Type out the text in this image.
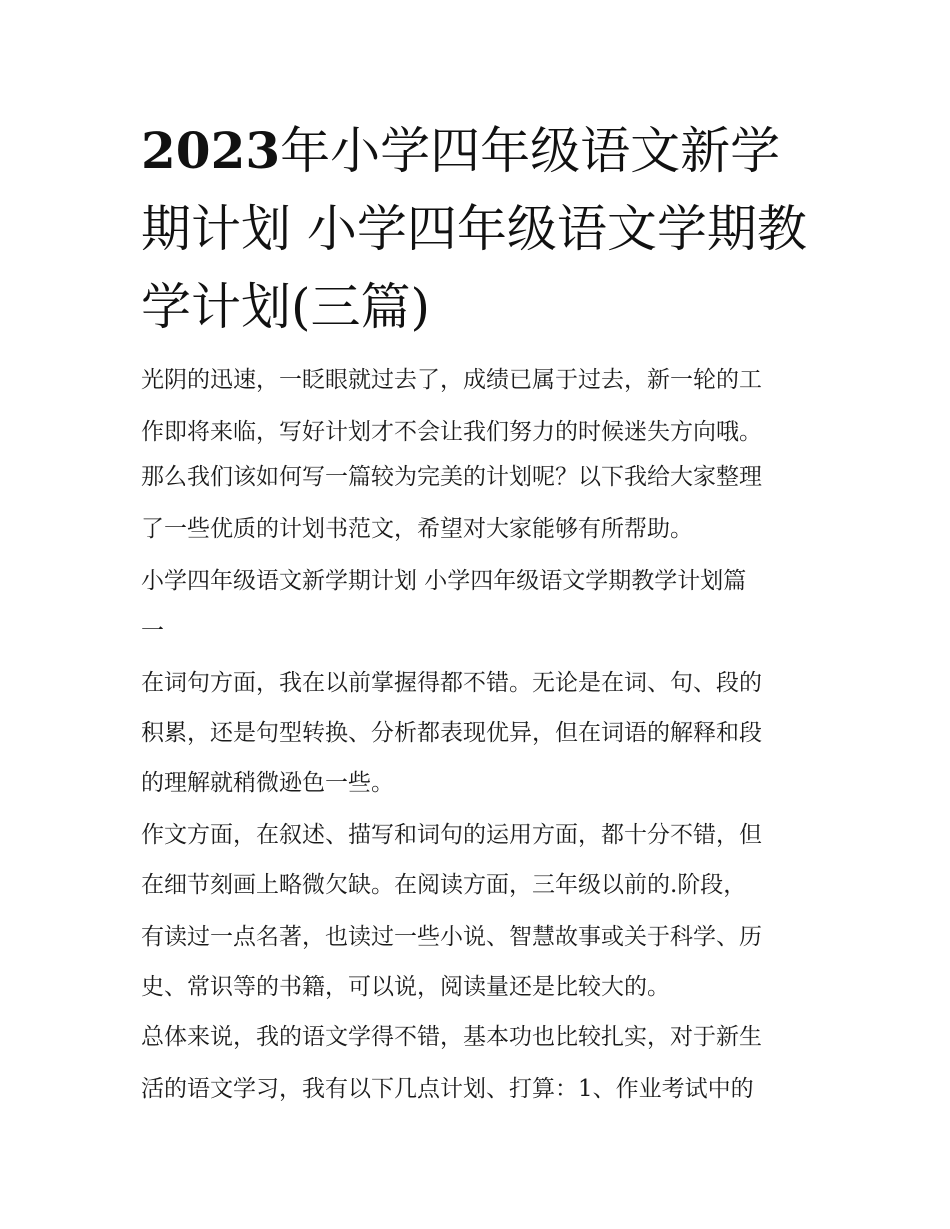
2023年小学四年级语文新学期计划 小学四年级语文学期教学计划(三篇)

光阴的迅速，一眨眼就过去了，成绩已属于过去，新一轮的工

作即将来临，写好计划才不会让我们努力的时候迷失方向哦。

那么我们该如何写一篇较为完美的计划呢？以下我给大家整理

了一些优质的计划书范文，希望对大家能够有所帮助。

小学四年级语文新学期计划 小学四年级语文学期教学计划篇

一

在词句方面，我在以前掌握得都不错。无论是在词、句、段的

积累，还是句型转换、分析都表现优异，但在词语的解释和段

的理解就稍微逊色一些。

作文方面，在叙述、描写和词句的运用方面，都十分不错，但

在细节刻画上略微欠缺。在阅读方面，三年级以前的.阶段，

有读过一点名著，也读过一些小说、智慧故事或关于科学、历

史、常识等的书籍，可以说，阅读量还是比较大的。

总体来说，我的语文学得不错，基本功也比较扎实，对于新生

活的语文学习，我有以下几点计划、打算：1、作业考试中的
